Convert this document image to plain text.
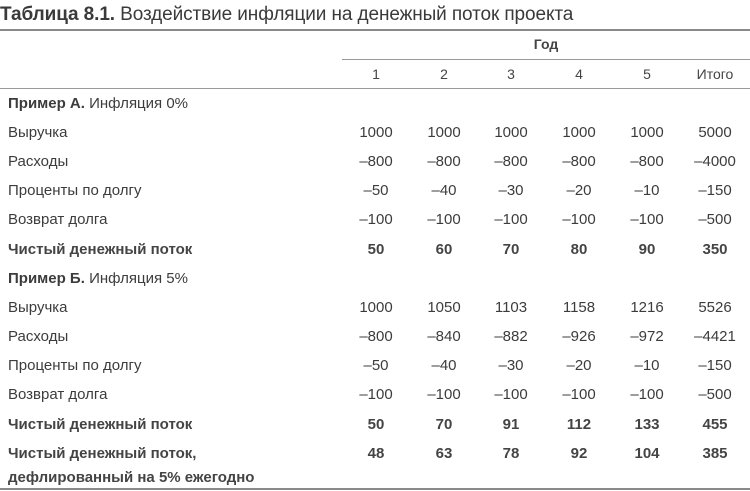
Таблица 8.1. Воздействие инфляции на денежный поток проекта
Год
1	2	3	4	5	Итого
Пример А. Инфляция 0%
Выручка	1000	1000	1000	1000	1000	5000
Расходы	–800	–800	–800	–800	–800	–4000
Проценты по долгу	–50	–40	–30	–20	–10	–150
Возврат долга	–100	–100	–100	–100	–100	–500
Чистый денежный поток	50	60	70	80	90	350
Пример Б. Инфляция 5%
Выручка	1000	1050	1103	1158	1216	5526
Расходы	–800	–840	–882	–926	–972	–4421
Проценты по долгу	–50	–40	–30	–20	–10	–150
Возврат долга	–100	–100	–100	–100	–100	–500
Чистый денежный поток	50	70	91	112	133	455
Чистый денежный поток,
дефлированный на 5% ежегодно
48	63	78	92	104	385
